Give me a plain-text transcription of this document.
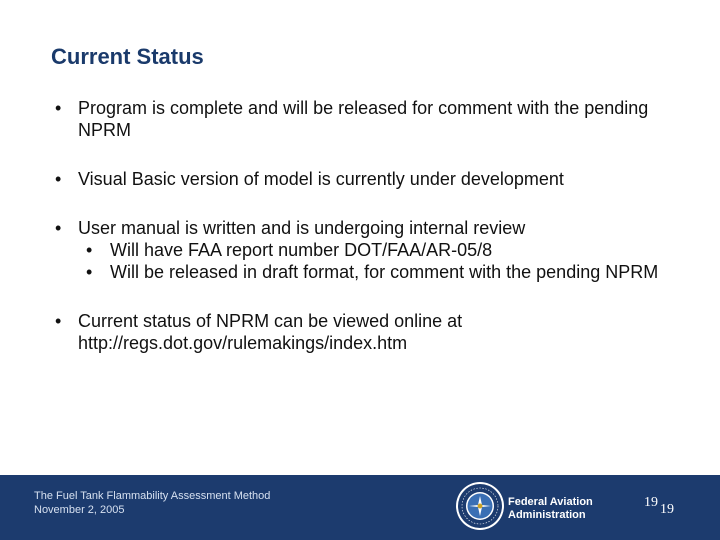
Current Status
• Program is complete and will be released for comment with the pending NPRM
• Visual Basic version of model is currently under development
• User manual is written and is undergoing internal review
• Will have FAA report number DOT/FAA/AR-05/8
• Will be released in draft format, for comment with the pending NPRM
• Current status of NPRM can be viewed online at http://regs.dot.gov/rulemakings/index.htm
The Fuel Tank Flammability Assessment Method
November 2, 2005
Federal Aviation
Administration
19 19
